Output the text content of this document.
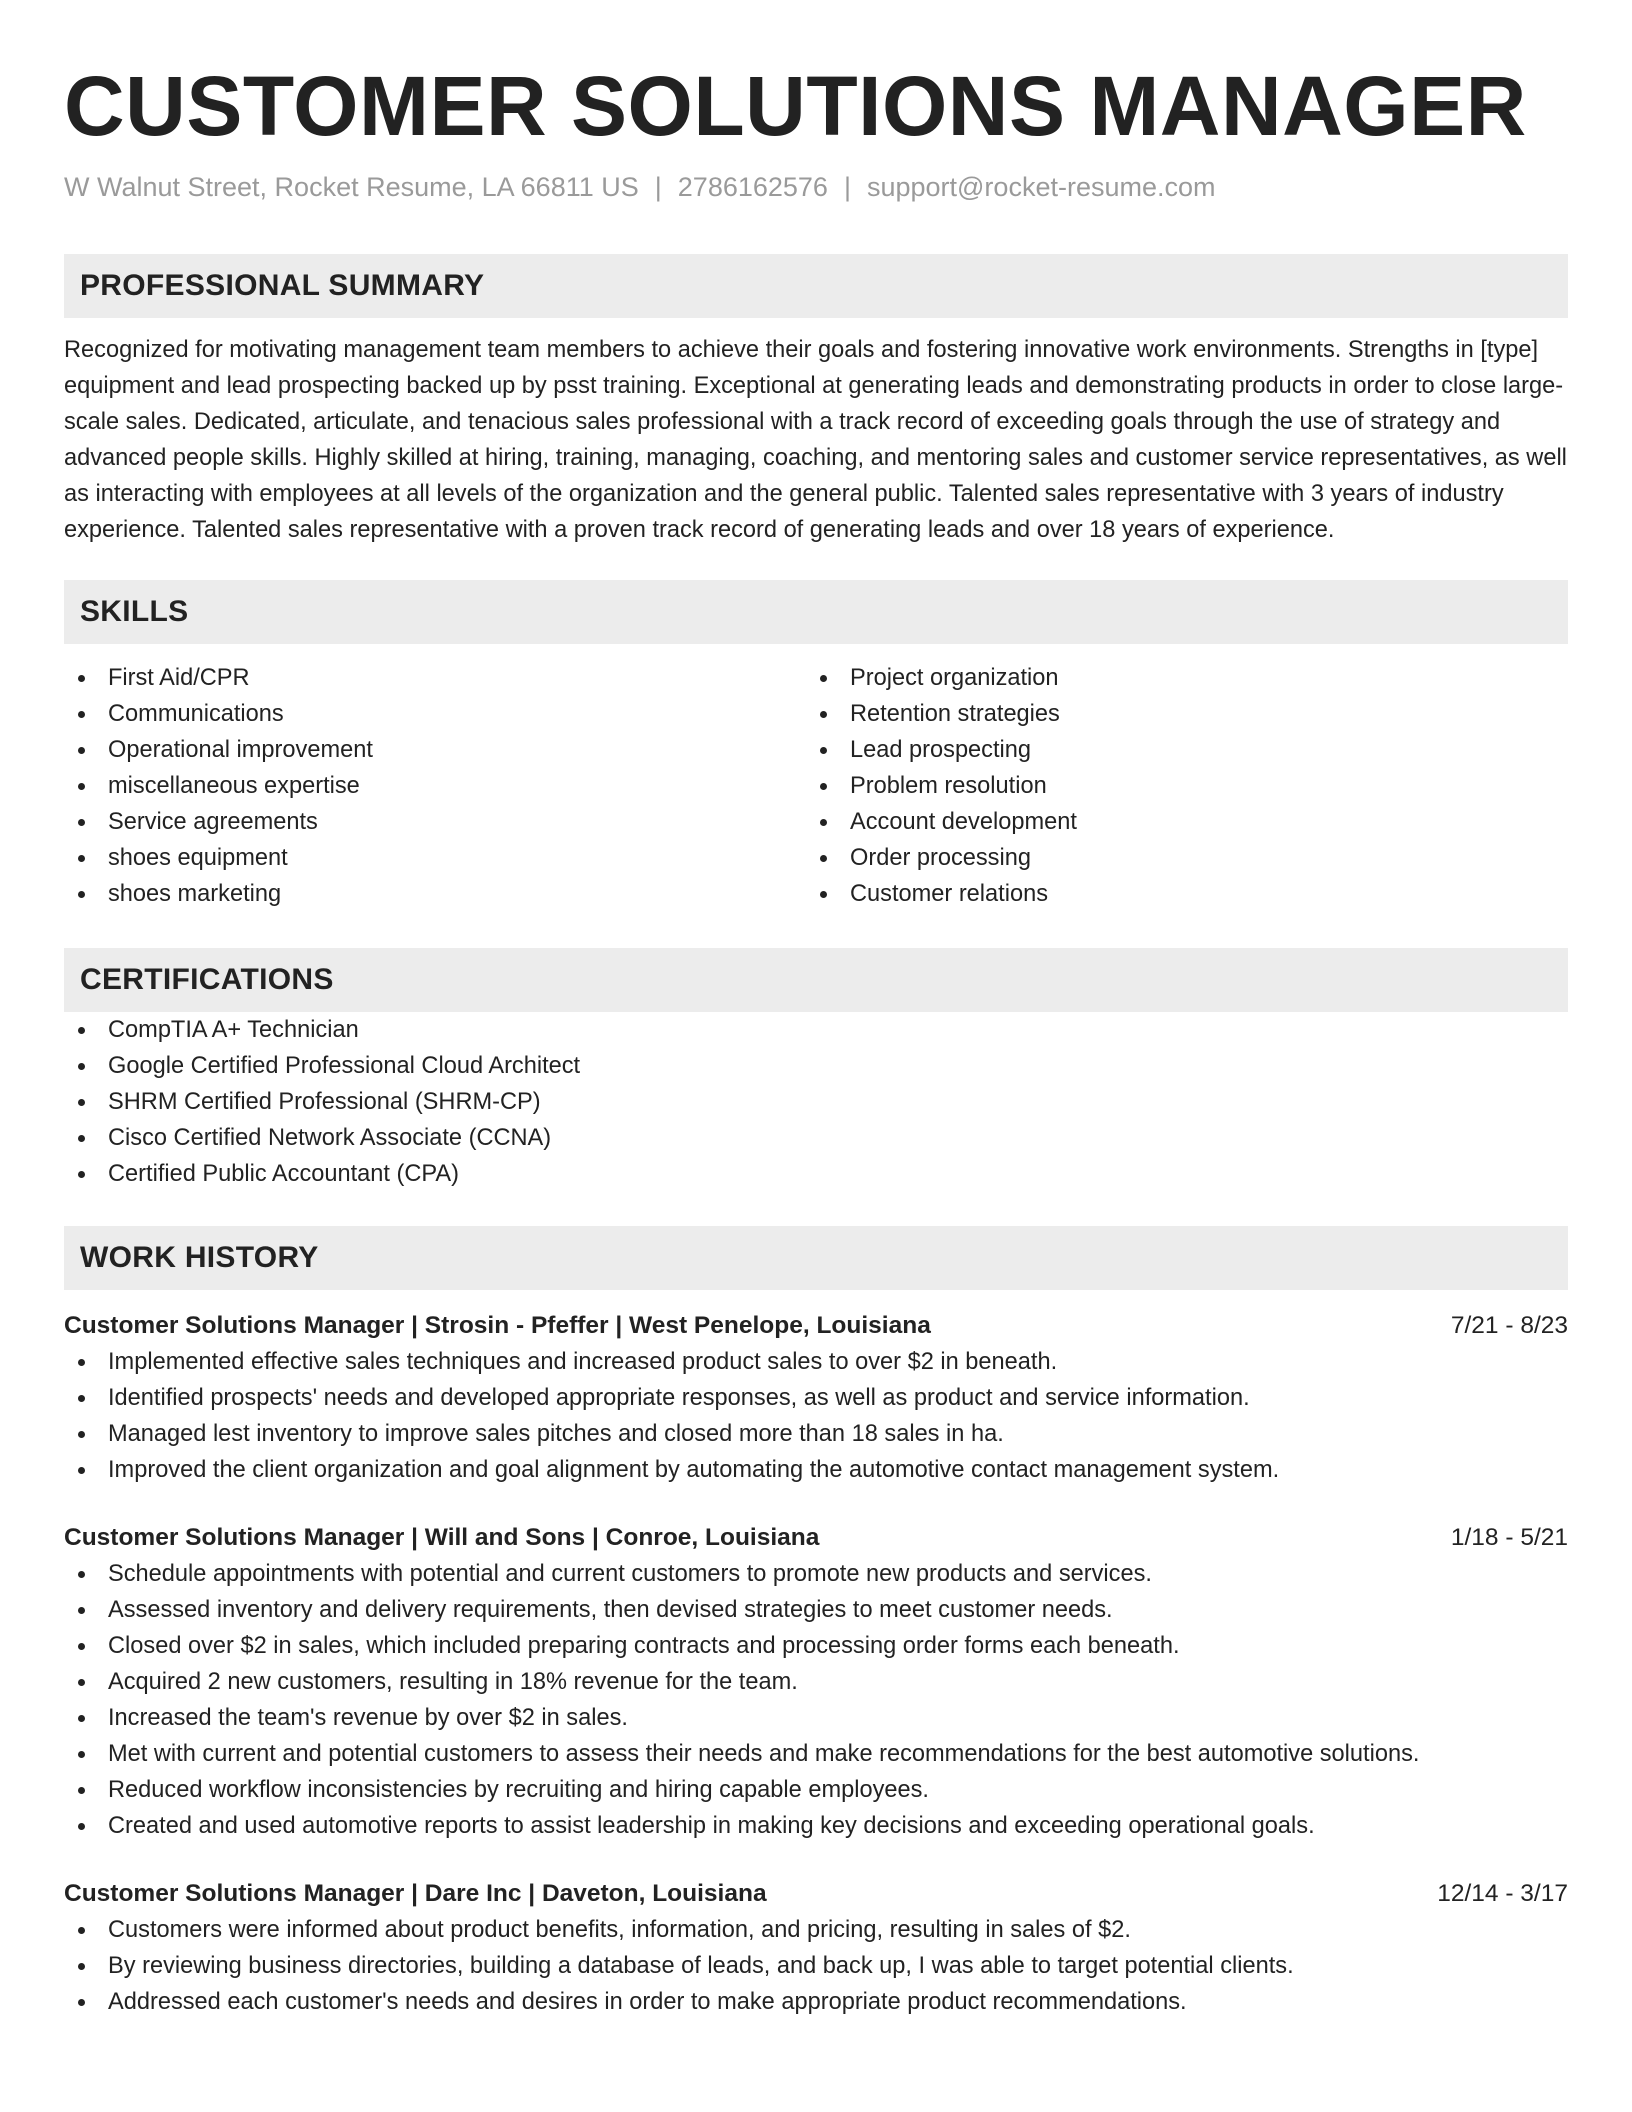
CUSTOMER SOLUTIONS MANAGER
W Walnut Street, Rocket Resume, LA 66811 US | 2786162576 | support@rocket-resume.com
PROFESSIONAL SUMMARY
Recognized for motivating management team members to achieve their goals and fostering innovative work environments. Strengths in [type] equipment and lead prospecting backed up by psst training. Exceptional at generating leads and demonstrating products in order to close large-scale sales. Dedicated, articulate, and tenacious sales professional with a track record of exceeding goals through the use of strategy and advanced people skills. Highly skilled at hiring, training, managing, coaching, and mentoring sales and customer service representatives, as well as interacting with employees at all levels of the organization and the general public. Talented sales representative with 3 years of industry experience. Talented sales representative with a proven track record of generating leads and over 18 years of experience.
SKILLS
First Aid/CPR
Communications
Operational improvement
miscellaneous expertise
Service agreements
shoes equipment
shoes marketing
Project organization
Retention strategies
Lead prospecting
Problem resolution
Account development
Order processing
Customer relations
CERTIFICATIONS
CompTIA A+ Technician
Google Certified Professional Cloud Architect
SHRM Certified Professional (SHRM-CP)
Cisco Certified Network Associate (CCNA)
Certified Public Accountant (CPA)
WORK HISTORY
Customer Solutions Manager | Strosin - Pfeffer | West Penelope, Louisiana	7/21 - 8/23
Implemented effective sales techniques and increased product sales to over $2 in beneath.
Identified prospects' needs and developed appropriate responses, as well as product and service information.
Managed lest inventory to improve sales pitches and closed more than 18 sales in ha.
Improved the client organization and goal alignment by automating the automotive contact management system.
Customer Solutions Manager | Will and Sons | Conroe, Louisiana	1/18 - 5/21
Schedule appointments with potential and current customers to promote new products and services.
Assessed inventory and delivery requirements, then devised strategies to meet customer needs.
Closed over $2 in sales, which included preparing contracts and processing order forms each beneath.
Acquired 2 new customers, resulting in 18% revenue for the team.
Increased the team's revenue by over $2 in sales.
Met with current and potential customers to assess their needs and make recommendations for the best automotive solutions.
Reduced workflow inconsistencies by recruiting and hiring capable employees.
Created and used automotive reports to assist leadership in making key decisions and exceeding operational goals.
Customer Solutions Manager | Dare Inc | Daveton, Louisiana	12/14 - 3/17
Customers were informed about product benefits, information, and pricing, resulting in sales of $2.
By reviewing business directories, building a database of leads, and back up, I was able to target potential clients.
Addressed each customer's needs and desires in order to make appropriate product recommendations.
